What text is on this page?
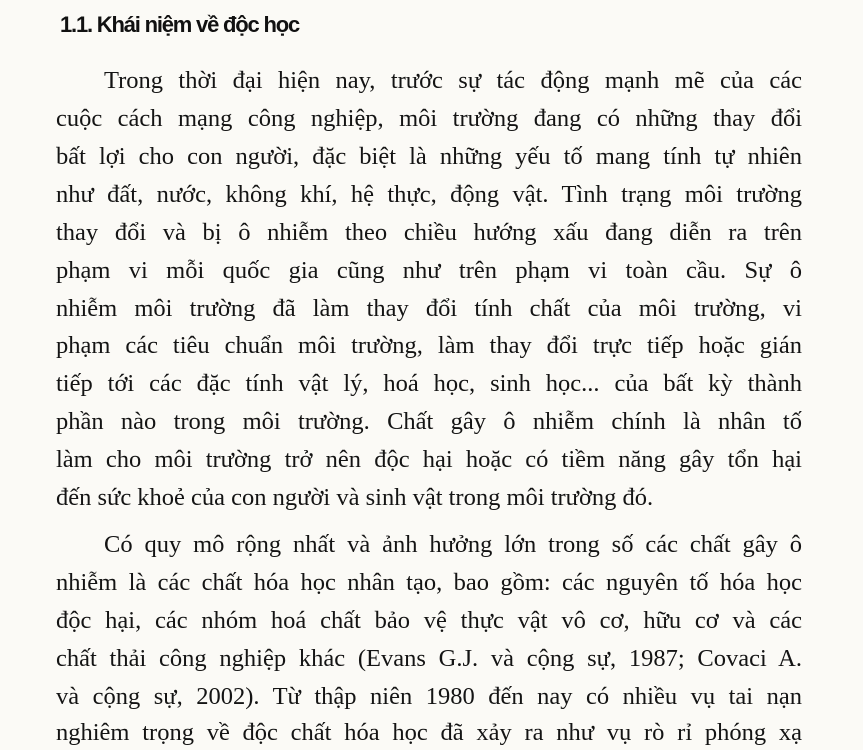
1.1. Khái niệm về độc học
Trong thời đại hiện nay, trước sự tác động mạnh mẽ của các
cuộc cách mạng công nghiệp, môi trường đang có những thay đổi
bất lợi cho con người, đặc biệt là những yếu tố mang tính tự nhiên
như đất, nước, không khí, hệ thực, động vật. Tình trạng môi trường
thay đổi và bị ô nhiễm theo chiều hướng xấu đang diễn ra trên
phạm vi mỗi quốc gia cũng như trên phạm vi toàn cầu. Sự ô
nhiễm môi trường đã làm thay đổi tính chất của môi trường, vi
phạm các tiêu chuẩn môi trường, làm thay đổi trực tiếp hoặc gián
tiếp tới các đặc tính vật lý, hoá học, sinh học... của bất kỳ thành
phần nào trong môi trường. Chất gây ô nhiễm chính là nhân tố
làm cho môi trường trở nên độc hại hoặc có tiềm năng gây tổn hại
đến sức khoẻ của con người và sinh vật trong môi trường đó.
Có quy mô rộng nhất và ảnh hưởng lớn trong số các chất gây ô
nhiễm là các chất hóa học nhân tạo, bao gồm: các nguyên tố hóa học
độc hại, các nhóm hoá chất bảo vệ thực vật vô cơ, hữu cơ và các
chất thải công nghiệp khác (Evans G.J. và cộng sự, 1987; Covaci A.
và cộng sự, 2002). Từ thập niên 1980 đến nay có nhiều vụ tai nạn
nghiêm trọng về độc chất hóa học đã xảy ra như vụ rò rỉ phóng xạ
